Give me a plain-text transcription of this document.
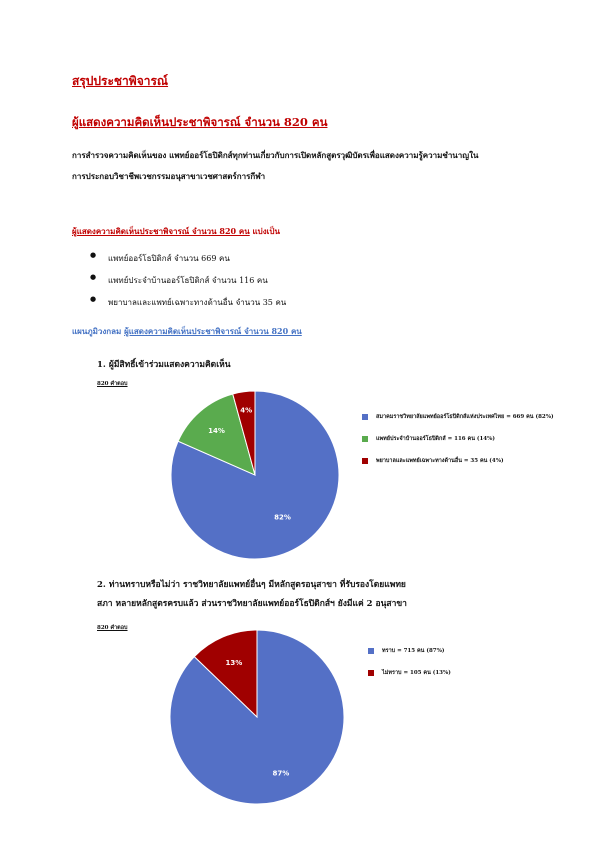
สรุปประชาพิจารณ์
ผู้แสดงความคิดเห็นประชาพิจารณ์ จำนวน 820 คน
การสำรวจความคิดเห็นของ แพทย์ออร์โธปิดิกส์ทุกท่านเกี่ยวกับการเปิดหลักสูตรวุฒิบัตรเพื่อแสดงความรู้ความชำนาญใน
การประกอบวิชาชีพเวชกรรมอนุสาขาเวชศาสตร์การกีฬา
ผู้แสดงความคิดเห็นประชาพิจารณ์ จำนวน 820 คน แบ่งเป็น
● แพทย์ออร์โธปิดิกส์ จำนวน 669 คน
● แพทย์ประจำบ้านออร์โธปิดิกส์ จำนวน 116 คน
● พยาบาลและแพทย์เฉพาะทางด้านอื่น จำนวน 35 คน
แผนภูมิวงกลม ผู้แสดงความคิดเห็นประชาพิจารณ์ จำนวน 820 คน
1. ผู้มีสิทธิ์เข้าร่วมแสดงความคิดเห็น
820 คำตอบ
82%
14%
4%
สมาคมราชวิทยาลัยแพทย์ออร์โธปิดิกส์แห่งประเทศไทย = 669 คน (82%)
แพทย์ประจำบ้านออร์โธปิดิกส์ = 116 คน (14%)
พยาบาลและแพทย์เฉพาะทางด้านอื่น = 35 คน (4%)
2. ท่านทราบหรือไม่ว่า ราชวิทยาลัยแพทย์อื่นๆ มีหลักสูตรอนุสาขา ที่รับรองโดยแพทย
สภา หลายหลักสูตรครบแล้ว ส่วนราชวิทยาลัยแพทย์ออร์โธปิดิกส์ฯ ยังมีแค่ 2 อนุสาขา
820 คำตอบ
87%
13%
ทราบ = 715 คน (87%)
ไม่ทราบ = 105 คน (13%)
